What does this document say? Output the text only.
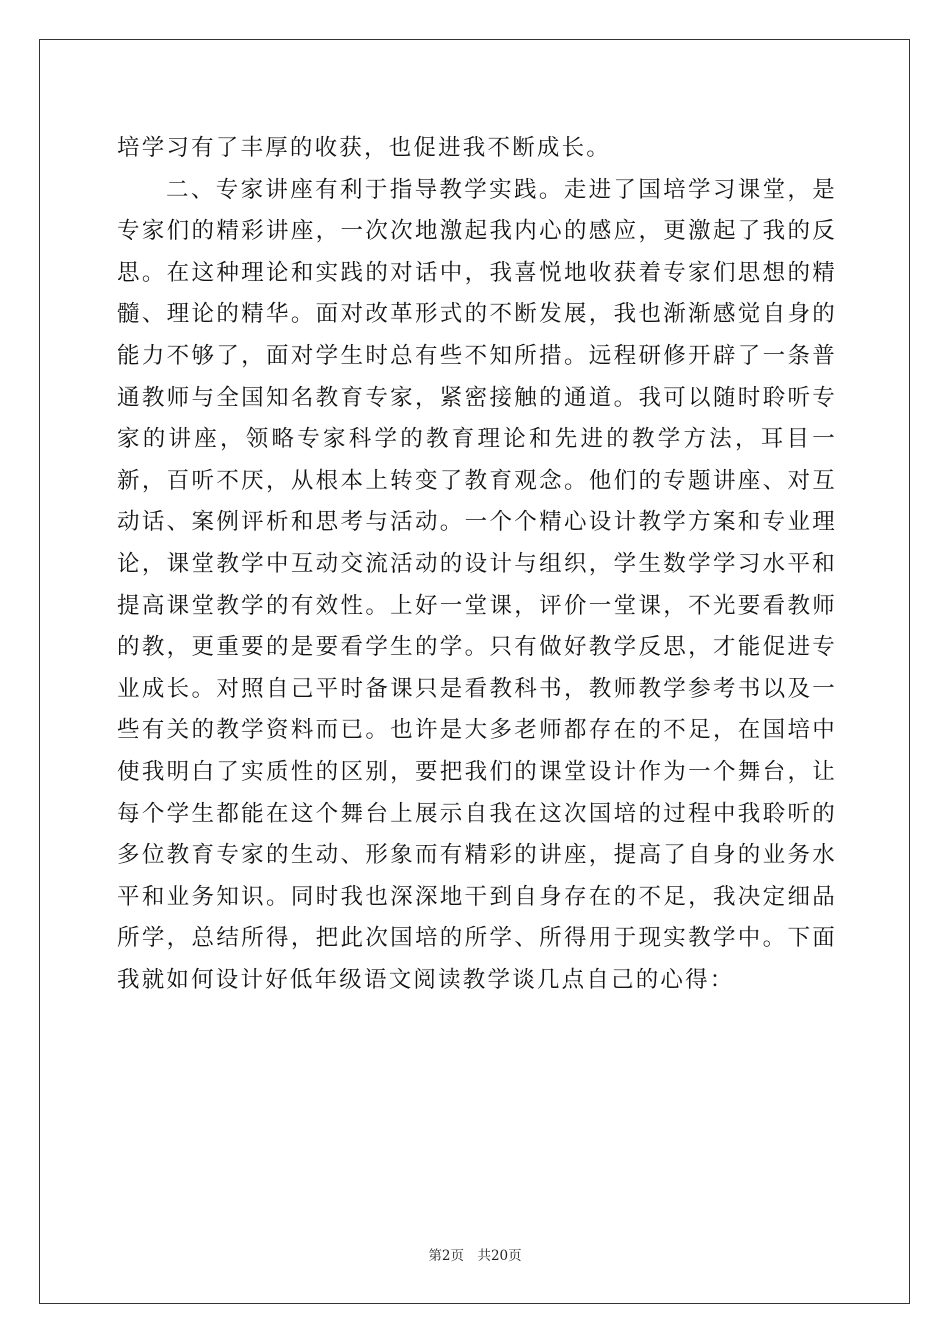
培学习有了丰厚的收获，也促进我不断成长。

二、专家讲座有利于指导教学实践。走进了国培学习课堂，是专家们的精彩讲座，一次次地激起我内心的感应，更激起了我的反思。在这种理论和实践的对话中，我喜悦地收获着专家们思想的精髓、理论的精华。面对改革形式的不断发展，我也渐渐感觉自身的能力不够了，面对学生时总有些不知所措。远程研修开辟了一条普通教师与全国知名教育专家，紧密接触的通道。我可以随时聆听专家的讲座，领略专家科学的教育理论和先进的教学方法，耳目一新，百听不厌，从根本上转变了教育观念。他们的专题讲座、对互动话、案例评析和思考与活动。一个个精心设计教学方案和专业理论，课堂教学中互动交流活动的设计与组织，学生数学学习水平和提高课堂教学的有效性。上好一堂课，评价一堂课，不光要看教师的教，更重要的是要看学生的学。只有做好教学反思，才能促进专业成长。对照自己平时备课只是看教科书，教师教学参考书以及一些有关的教学资料而已。也许是大多老师都存在的不足，在国培中使我明白了实质性的区别，要把我们的课堂设计作为一个舞台，让每个学生都能在这个舞台上展示自我在这次国培的过程中我聆听的多位教育专家的生动、形象而有精彩的讲座，提高了自身的业务水平和业务知识。同时我也深深地干到自身存在的不足，我决定细品所学，总结所得，把此次国培的所学、所得用于现实教学中。下面我就如何设计好低年级语文阅读教学谈几点自己的心得：

第2页　共20页
